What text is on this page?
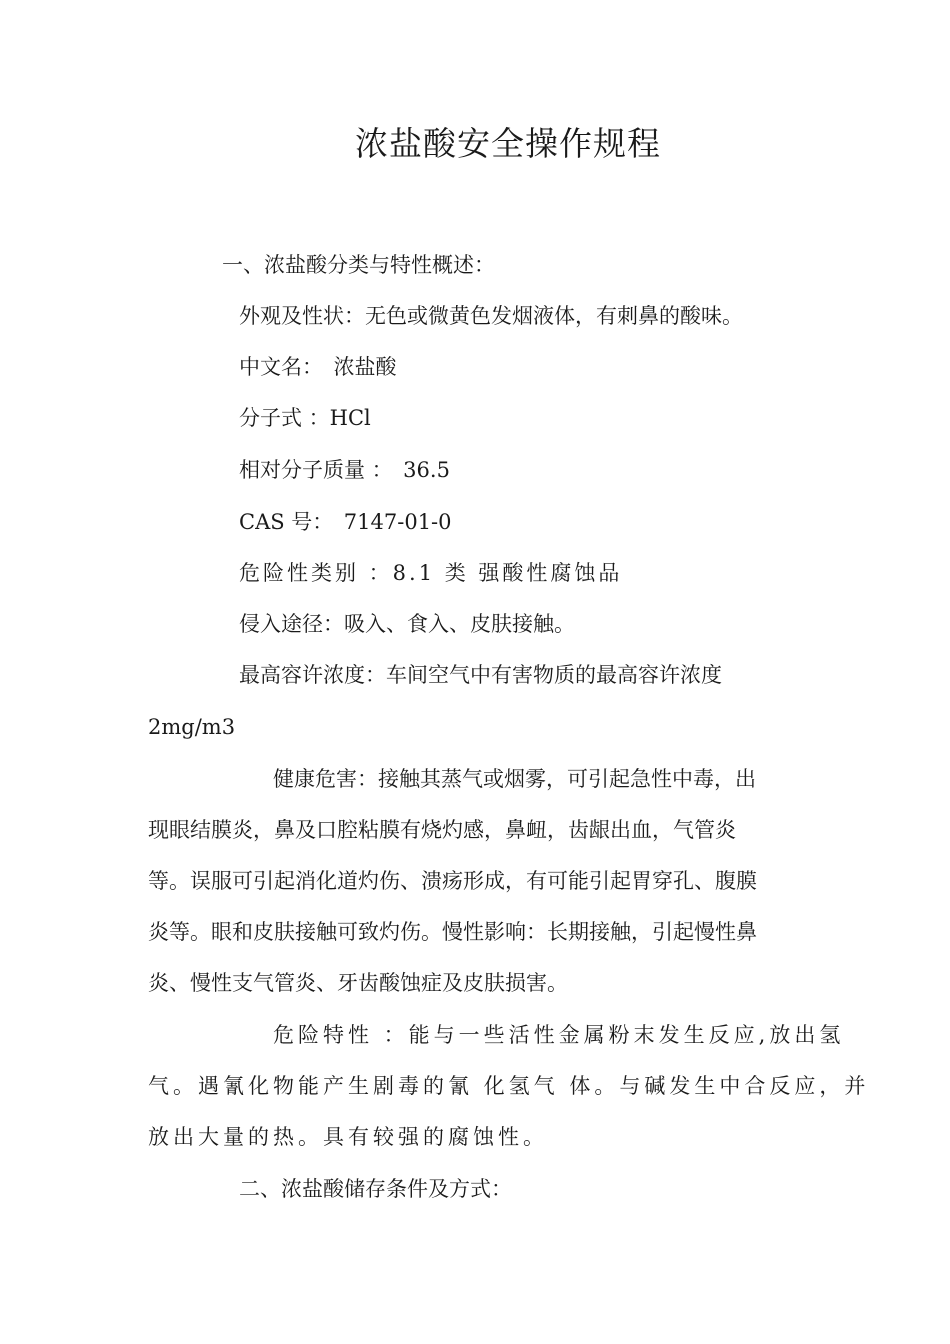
浓盐酸安全操作规程
一、浓盐酸分类与特性概述：
外观及性状：无色或微黄色发烟液体，有刺鼻的酸味。
中文名：　浓盐酸
分子式 ：HCl
相对分子质量 ：　36.5
CAS 号：　7147-01-0
危险性类别 ：8.1 类 强酸性腐蚀品
侵入途径：吸入、食入、皮肤接触。
最高容许浓度：车间空气中有害物质的最高容许浓度
2mg/m3
健康危害：接触其蒸气或烟雾，可引起急性中毒，出
现眼结膜炎，鼻及口腔粘膜有烧灼感，鼻衄，齿龈出血，气管炎
等。误服可引起消化道灼伤、溃疡形成，有可能引起胃穿孔、腹膜
炎等。眼和皮肤接触可致灼伤。慢性影响：长期接触，引起慢性鼻
炎、慢性支气管炎、牙齿酸蚀症及皮肤损害。
危险特性 ：能与一些活性金属粉末发生反应,放出氢
气。遇氰化物能产生剧毒的氰 化氢气 体。与碱发生中合反应，并
放出大量的热。具有较强的腐蚀性。
二、浓盐酸储存条件及方式：
